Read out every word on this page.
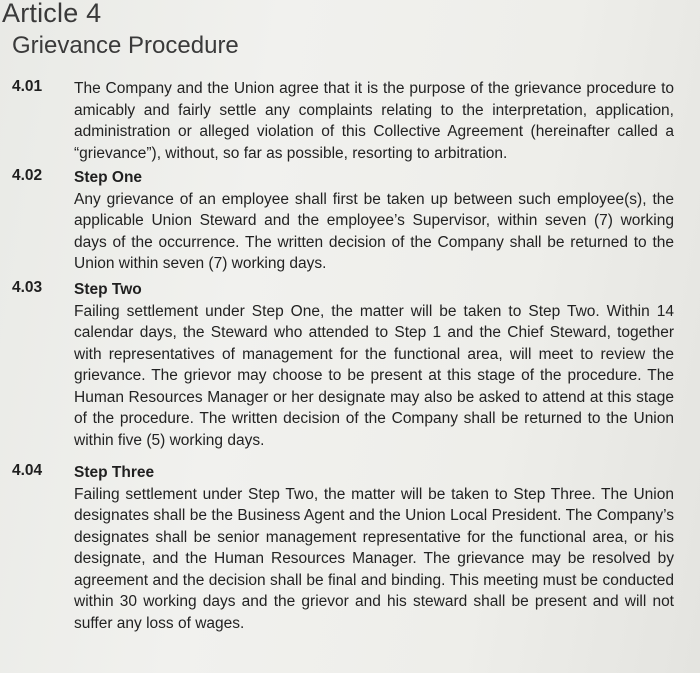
Article 4
Grievance Procedure
4.01 The Company and the Union agree that it is the purpose of the grievance procedure to amicably and fairly settle any complaints relating to the interpretation, application, administration or alleged violation of this Collective Agreement (hereinafter called a “grievance”), without, so far as possible, resorting to arbitration.

4.02 Step One
Any grievance of an employee shall first be taken up between such employee(s), the applicable Union Steward and the employee’s Supervisor, within seven (7) working days of the occurrence. The written decision of the Company shall be returned to the Union within seven (7) working days.

4.03 Step Two
Failing settlement under Step One, the matter will be taken to Step Two. Within 14 calendar days, the Steward who attended to Step 1 and the Chief Steward, together with representatives of management for the functional area, will meet to review the grievance. The grievor may choose to be present at this stage of the procedure. The Human Resources Manager or her designate may also be asked to attend at this stage of the procedure. The written decision of the Company shall be returned to the Union within five (5) working days.

4.04 Step Three
Failing settlement under Step Two, the matter will be taken to Step Three. The Union designates shall be the Business Agent and the Union Local President. The Company’s designates shall be senior management representative for the functional area, or his designate, and the Human Resources Manager. The grievance may be resolved by agreement and the decision shall be final and binding. This meeting must be conducted within 30 working days and the grievor and his steward shall be present and will not suffer any loss of wages.
